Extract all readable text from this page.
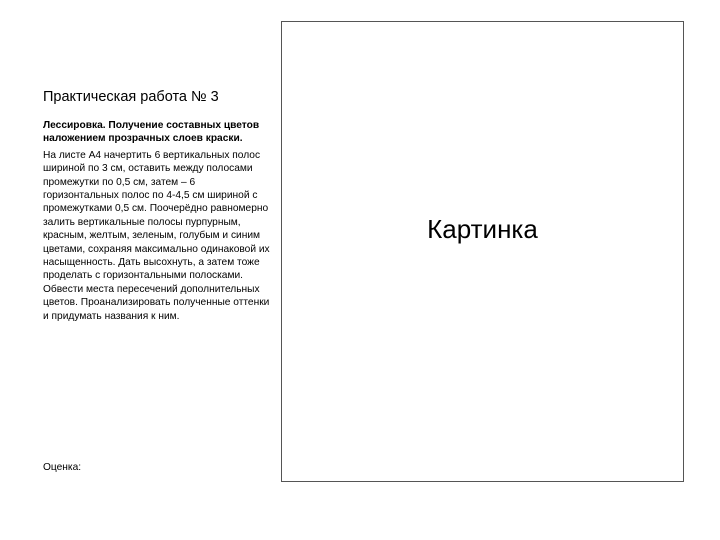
Практическая работа № 3

Лессировка. Получение составных цветов наложением прозрачных слоев краски.

На листе А4 начертить 6 вертикальных полос шириной по 3 см, оставить между полосами промежутки по 0,5 см, затем – 6 горизонтальных полос по 4-4,5 см шириной с промежутками 0,5 см. Поочерёдно равномерно залить вертикальные полосы пурпурным, красным, желтым, зеленым, голубым и синим цветами, сохраняя максимально одинаковой их насыщенность. Дать высохнуть, а затем тоже проделать с горизонтальными полосками. Обвести места пересечений дополнительных цветов. Проанализировать полученные оттенки и придумать названия к ним.

Оценка:
Картинка
